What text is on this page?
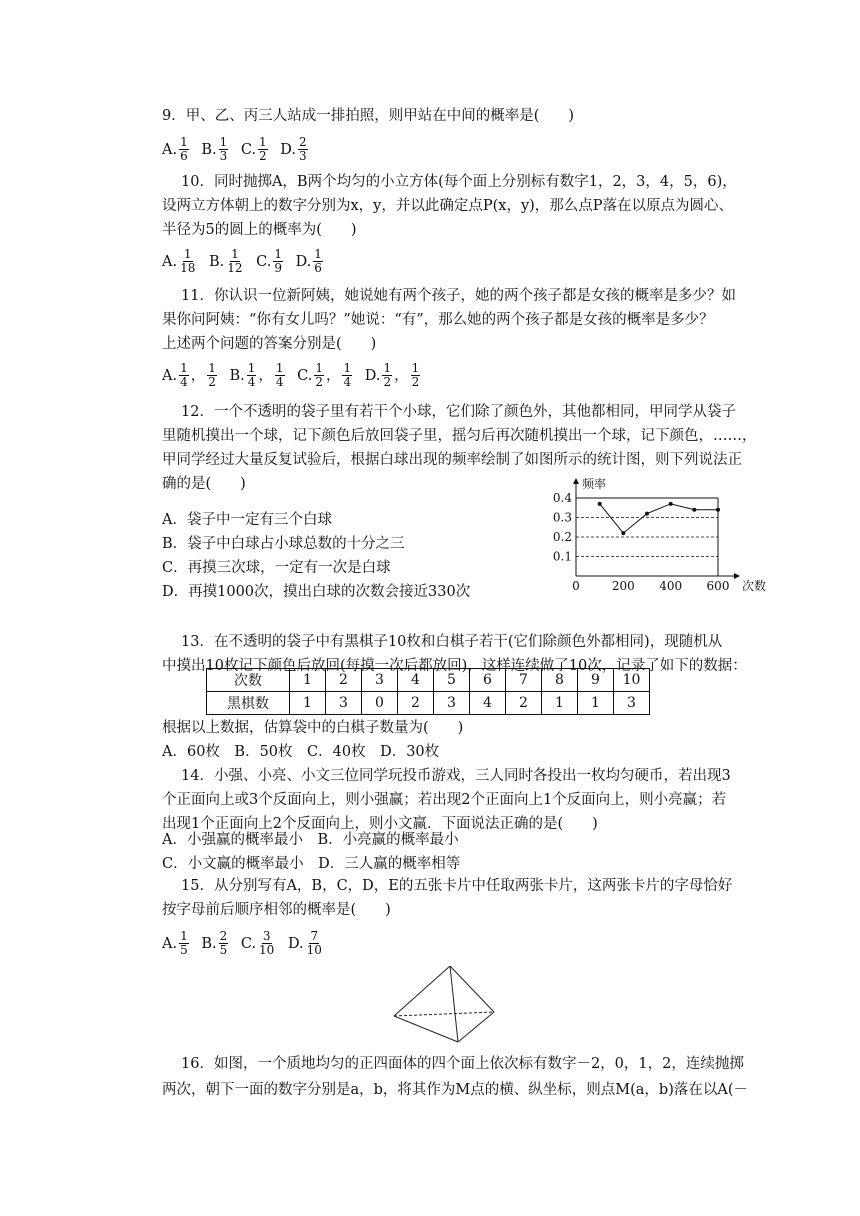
9．甲、乙、丙三人站成一排拍照，则甲站在中间的概率是(　　)
A. $\frac{1}{6} B$. $\frac{1}{3} C$. $\frac{1}{2} D$. $\frac{2}{3}$
10．同时抛掷A，B两个均匀的小立方体(每个面上分别标有数字1，2，3，4，5，6)，
设两立方体朝上的数字分别为x，y，并以此确定点P(x，y)，那么点P落在以原点为圆心、
半径为5的圆上的概率为(　　)
A. $\frac{1}{18} B$. $\frac{1}{12} C$. $\frac{1}{9} D$. $\frac{1}{6}$
11．你认识一位新阿姨，她说她有两个孩子，她的两个孩子都是女孩的概率是多少？如
果你问阿姨：“你有女儿吗？”她说：“有”，那么她的两个孩子都是女孩的概率是多少？
上述两个问题的答案分别是(　　)
A. $\frac{1}{4}$ ， $\frac{1}{2} B$. $\frac{1}{4}$ ， $\frac{1}{4} C$. $\frac{1}{2}$ ， $\frac{1}{4} D$. $\frac{1}{2}$ ， $\frac{1}{2}$
12．一个不透明的袋子里有若干个小球，它们除了颜色外，其他都相同，甲同学从袋子
里随机摸出一个球，记下颜色后放回袋子里，摇匀后再次随机摸出一个球，记下颜色，……，
甲同学经过大量反复试验后，根据白球出现的频率绘制了如图所示的统计图，则下列说法正
确的是(　　)
A．袋子中一定有三个白球
B．袋子中白球占小球总数的十分之三
C．再摸三次球，一定有一次是白球
D．再摸1000次，摸出白球的次数会接近330次
0.1
0.2
0.3
0.4
0	200 400 600
频率
次数
13．在不透明的袋子中有黑棋子10枚和白棋子若干(它们除颜色外都相同)，现随机从
中摸出10枚记下颜色后放回(每摸一次后都放回)，这样连续做了10次，记录了如下的数据：
次数	1	2	3	4	5	6	7	8	9	10
黑棋数	1	3	0	2	3	4	2	1	1	3
根据以上数据，估算袋中的白棋子数量为(　　)
A．60枚　B．50枚　C．40枚　D．30枚
14．小强、小亮、小文三位同学玩投币游戏，三人同时各投出一枚均匀硬币，若出现3
个正面向上或3个反面向上，则小强赢；若出现2个正面向上1个反面向上，则小亮赢；若
出现1个正面向上2个反面向上，则小文赢．下面说法正确的是(　　)
A．小强赢的概率最小　B．小亮赢的概率最小
C．小文赢的概率最小　D．三人赢的概率相等
15．从分别写有A，B，C，D，E的五张卡片中任取两张卡片，这两张卡片的字母恰好
按字母前后顺序相邻的概率是(　　)
A. $\frac{1}{5} B$. $\frac{2}{5} C$. $\frac{3}{10} D$. $\frac{7}{10}$
16．如图，一个质地均匀的正四面体的四个面上依次标有数字－2，0，1，2，连续抛掷
两次，朝下一面的数字分别是a，b，将其作为M点的横、纵坐标，则点M(a，b)落在以A(－
